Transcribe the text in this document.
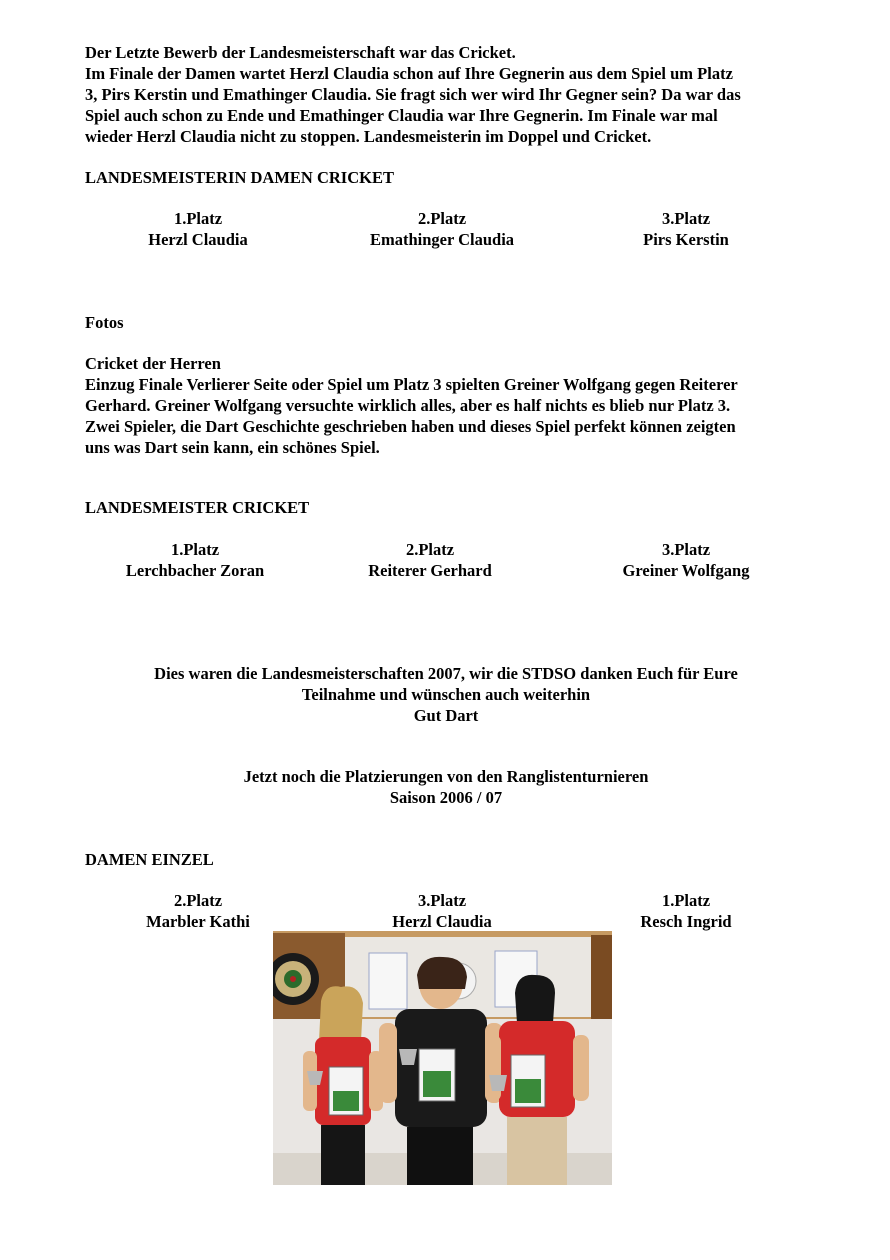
Der Letzte Bewerb der Landesmeisterschaft war das Cricket.
Im Finale der Damen wartet Herzl Claudia schon auf Ihre Gegnerin aus dem Spiel um Platz
3, Pirs Kerstin und Emathinger Claudia. Sie fragt sich wer wird Ihr Gegner sein? Da war das
Spiel auch schon zu Ende und Emathinger Claudia war Ihre Gegnerin. Im Finale war mal
wieder Herzl Claudia nicht zu stoppen. Landesmeisterin im Doppel und Cricket.
LANDESMEISTERIN DAMEN CRICKET
1.Platz
Herzl Claudia
2.Platz
Emathinger Claudia
3.Platz
Pirs Kerstin
Fotos
Cricket der Herren
Einzug Finale Verlierer Seite oder Spiel um Platz 3 spielten Greiner Wolfgang gegen Reiterer
Gerhard. Greiner Wolfgang versuchte wirklich alles, aber es half nichts es blieb nur Platz 3.
Zwei Spieler, die Dart Geschichte geschrieben haben und dieses Spiel perfekt können zeigten
uns was Dart sein kann, ein schönes Spiel.
LANDESMEISTER CRICKET
1.Platz
Lerchbacher Zoran
2.Platz
Reiterer Gerhard
3.Platz
Greiner Wolfgang
Dies waren die Landesmeisterschaften 2007, wir die STDSO danken Euch für Eure
Teilnahme und wünschen auch weiterhin
Gut Dart
Jetzt noch die Platzierungen von den Ranglistenturnieren
Saison 2006 / 07
DAMEN EINZEL
2.Platz
Marbler Kathi
3.Platz
Herzl Claudia
1.Platz
Resch Ingrid
